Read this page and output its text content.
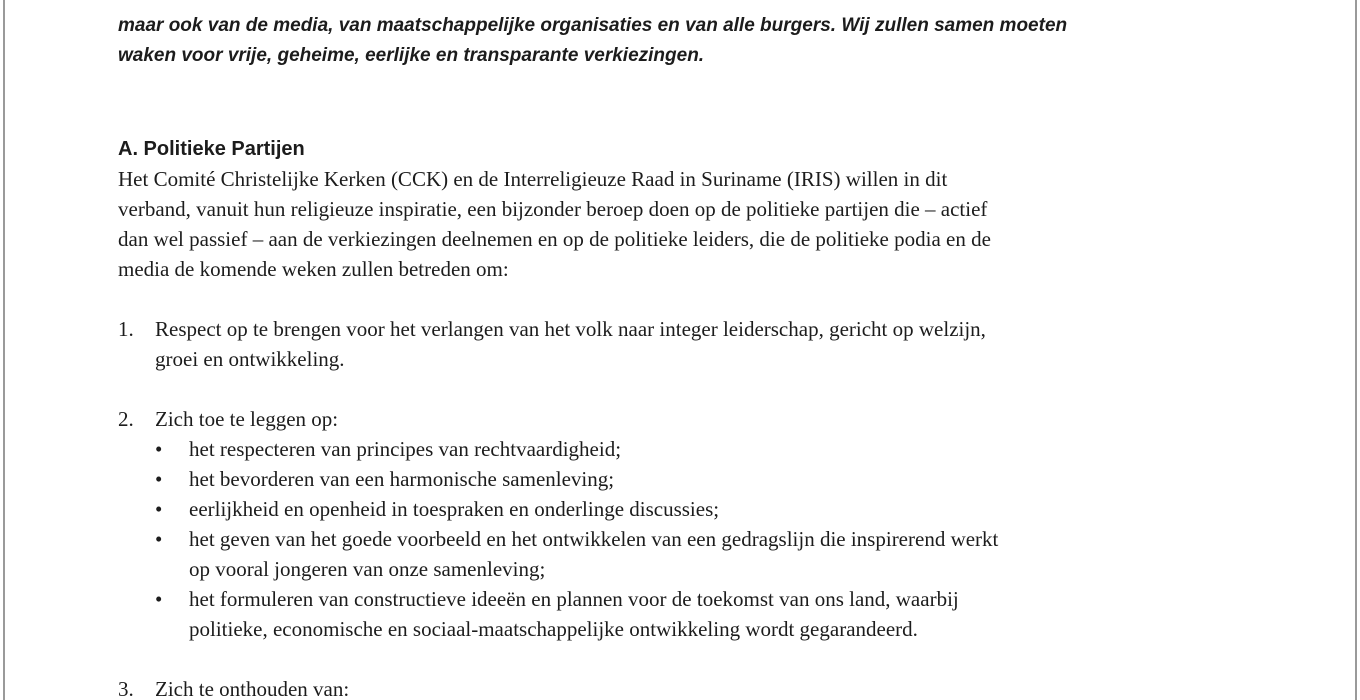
maar ook van de media, van maatschappelijke organisaties en van alle burgers. Wij zullen samen moeten
waken voor vrije, geheime, eerlijke en transparante verkiezingen.
A. Politieke Partijen
Het Comité Christelijke Kerken (CCK) en de Interreligieuze Raad in Suriname (IRIS) willen in dit
verband, vanuit hun religieuze inspiratie, een bijzonder beroep doen op de politieke partijen die – actief
dan wel passief – aan de verkiezingen deelnemen en op de politieke leiders, die de politieke podia en de
media de komende weken zullen betreden om:
1.	Respect op te brengen voor het verlangen van het volk naar integer leiderschap, gericht op welzijn,
groei en ontwikkeling.
2.	Zich toe te leggen op:
•	het respecteren van principes van rechtvaardigheid;
•	het bevorderen van een harmonische samenleving;
•	eerlijkheid en openheid in toespraken en onderlinge discussies;
•	het geven van het goede voorbeeld en het ontwikkelen van een gedragslijn die inspirerend werkt
op vooral jongeren van onze samenleving;
•	het formuleren van constructieve ideeën en plannen voor de toekomst van ons land, waarbij
politieke, economische en sociaal-maatschappelijke ontwikkeling wordt gegarandeerd.
3.	Zich te onthouden van:
